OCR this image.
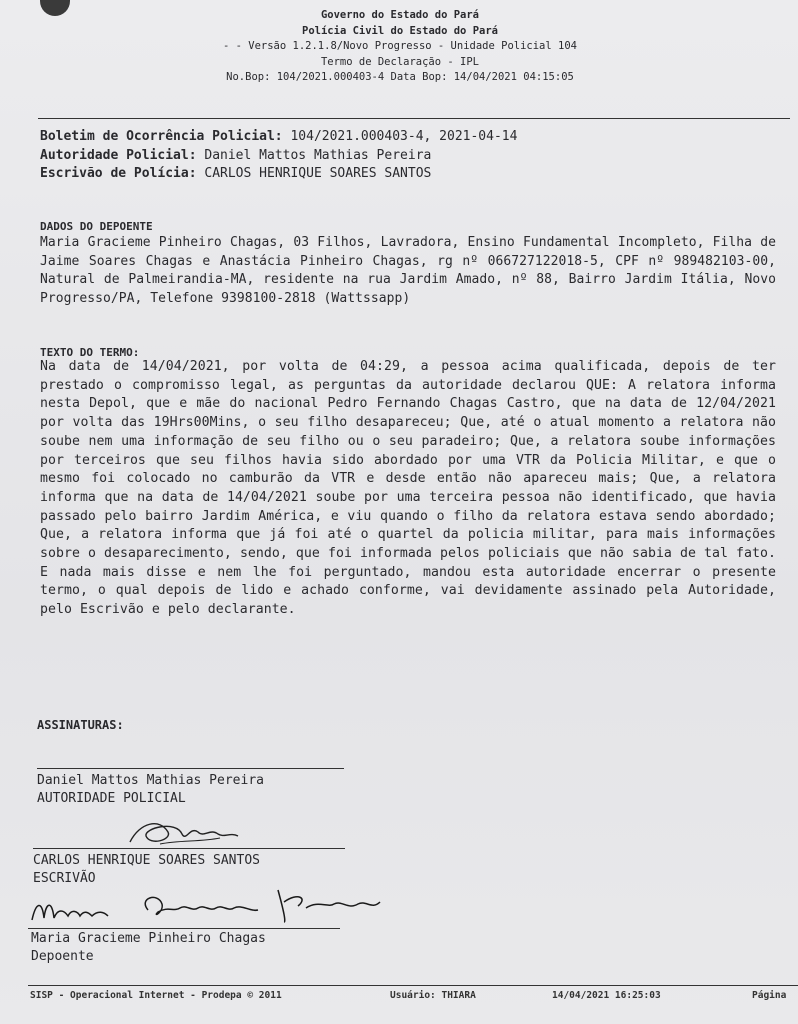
Governo do Estado do Pará
Polícia Civil do Estado do Pará
- - Versão 1.2.1.8/Novo Progresso - Unidade Policial 104
Termo de Declaração - IPL
No.Bop: 104/2021.000403-4 Data Bop: 14/04/2021 04:15:05
Boletim de Ocorrência Policial: 104/2021.000403-4, 2021-04-14
Autoridade Policial: Daniel Mattos Mathias Pereira
Escrivão de Polícia: CARLOS HENRIQUE SOARES SANTOS
DADOS DO DEPOENTE
Maria Gracieme Pinheiro Chagas, 03 Filhos, Lavradora, Ensino Fundamental Incompleto, Filha de Jaime Soares Chagas e Anastácia Pinheiro Chagas, rg nº 066727122018-5, CPF nº 989482103-00, Natural de Palmeirandia-MA, residente na rua Jardim Amado, nº 88, Bairro Jardim Itália, Novo Progresso/PA, Telefone 9398100-2818 (Wattssapp)
TEXTO DO TERMO:
Na data de 14/04/2021, por volta de 04:29, a pessoa acima qualificada, depois de ter prestado o compromisso legal, as perguntas da autoridade declarou QUE: A relatora informa nesta Depol, que e mãe do nacional Pedro Fernando Chagas Castro, que na data de 12/04/2021 por volta das 19Hrs00Mins, o seu filho desapareceu; Que, até o atual momento a relatora não soube nem uma informação de seu filho ou o seu paradeiro; Que, a relatora soube informações por terceiros que seu filhos havia sido abordado por uma VTR da Policia Militar, e que o mesmo foi colocado no camburão da VTR e desde então não apareceu mais; Que, a relatora informa que na data de 14/04/2021 soube por uma terceira pessoa não identificado, que havia passado pelo bairro Jardim América, e viu quando o filho da relatora estava sendo abordado; Que, a relatora informa que já foi até o quartel da policia militar, para mais informações sobre o desaparecimento, sendo, que foi informada pelos policiais que não sabia de tal fato. E nada mais disse e nem lhe foi perguntado, mandou esta autoridade encerrar o presente termo, o qual depois de lido e achado conforme, vai devidamente assinado pela Autoridade, pelo Escrivão e pelo declarante.
ASSINATURAS:
Daniel Mattos Mathias Pereira
AUTORIDADE POLICIAL
CARLOS HENRIQUE SOARES SANTOS
ESCRIVÃO
Maria Gracieme Pinheiro Chagas
Depoente
SISP - Operacional Internet - Prodepa © 2011	Usuário: THIARA	14/04/2021 16:25:03	Página
